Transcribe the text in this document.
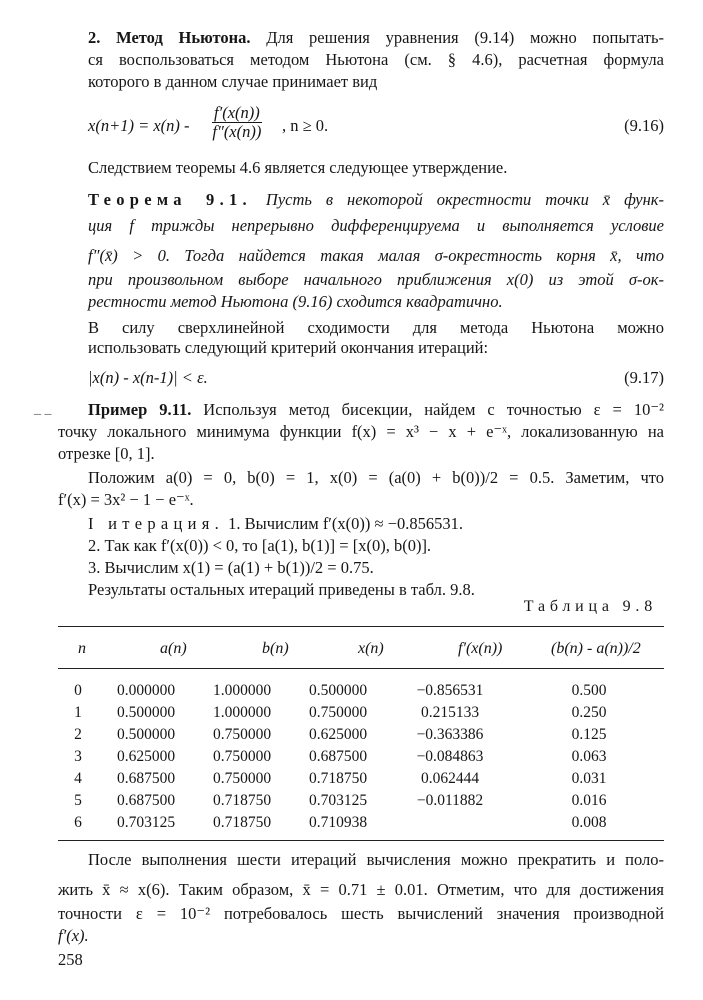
2. Метод Ньютона. Для решения уравнения (9.14) можно попытать-
ся воспользоваться методом Ньютона (см. § 4.6), расчетная формула
которого в данном случае принимает вид
$x(n+1) = x(n) - \frac{f'(x(n))}{f''(x(n))}$ , n ≥ 0.	(9.16)
Следствием теоремы 4.6 является следующее утверждение.
Теорема 9.1. Пусть в некоторой окрестности точки x̄ функ-
ция f трижды непрерывно дифференцируема и выполняется условие
f″(x̄) > 0. Тогда найдется такая малая σ-окрестность корня x̄, что
при произвольном выборе начального приближения x(0) из этой σ-ок-
рестности метод Ньютона (9.16) сходится квадратично.
В силу сверхлинейной сходимости для метода Ньютона можно
использовать следующий критерий окончания итераций:
|x(n) - x(n-1)| < ε.	(9.17)
_ _ Пример 9.11. Используя метод бисекции, найдем с точностью ε = 10⁻²
точку локального минимума функции f(x) = x³ − x + e⁻ˣ, локализованную на
отрезке [0, 1].
Положим a(0) = 0, b(0) = 1, x(0) = (a(0) + b(0))/2 = 0.5. Заметим, что
f′(x) = 3x² − 1 − e⁻ˣ.
I итерация. 1. Вычислим f′(x(0)) ≈ −0.856531.
2. Так как f′(x(0)) < 0, то [a(1), b(1)] = [x(0), b(0)].
3. Вычислим x(1) = (a(1) + b(1))/2 = 0.75.
Результаты остальных итераций приведены в табл. 9.8.
Таблица 9.8
n	a(n)	b(n)	x(n)	f′(x(n))	(b(n) - a(n))/2
0	0.000000	1.000000	0.500000	−0.856531	0.500
1	0.500000	1.000000	0.750000	0.215133	0.250
2	0.500000	0.750000	0.625000	−0.363386	0.125
3	0.625000	0.750000	0.687500	−0.084863	0.063
4	0.687500	0.750000	0.718750	0.062444	0.031
5	0.687500	0.718750	0.703125	−0.011882	0.016
6	0.703125	0.718750	0.710938		0.008
После выполнения шести итераций вычисления можно прекратить и поло-
жить x̄ ≈ x(6). Таким образом, x̄ = 0.71 ± 0.01. Отметим, что для достижения
точности ε = 10⁻² потребовалось шесть вычислений значения производной
f′(x).
258
